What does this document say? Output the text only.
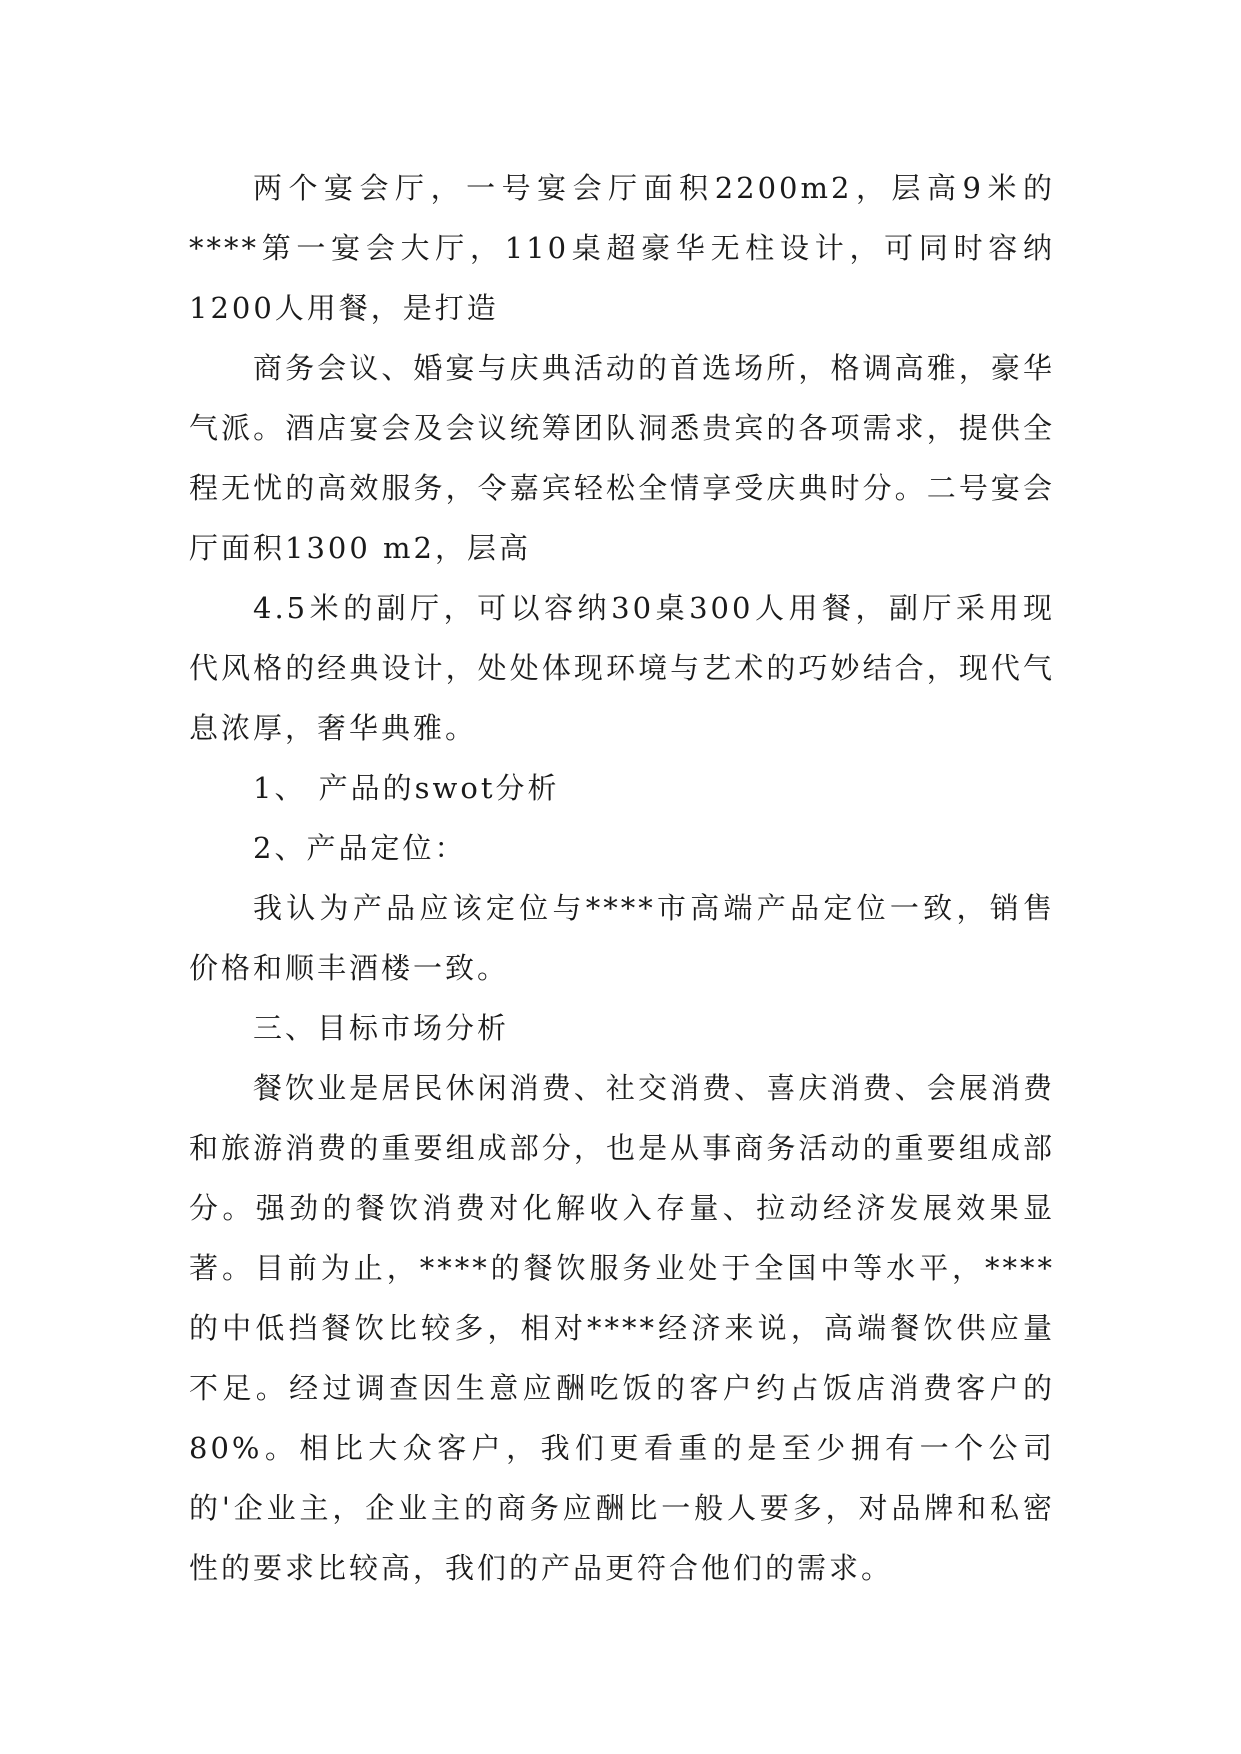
两个宴会厅，一号宴会厅面积2200m2，层高9米的****第一宴会大厅，110桌超豪华无柱设计，可同时容纳1200人用餐，是打造

商务会议、婚宴与庆典活动的首选场所，格调高雅，豪华气派。酒店宴会及会议统筹团队洞悉贵宾的各项需求，提供全程无忧的高效服务，令嘉宾轻松全情享受庆典时分。二号宴会厅面积1300 m2，层高

4.5米的副厅，可以容纳30桌300人用餐，副厅采用现代风格的经典设计，处处体现环境与艺术的巧妙结合，现代气息浓厚，奢华典雅。

1、 产品的swot分析

2、产品定位：

我认为产品应该定位与****市高端产品定位一致，销售价格和顺丰酒楼一致。

三、目标市场分析

餐饮业是居民休闲消费、社交消费、喜庆消费、会展消费和旅游消费的重要组成部分，也是从事商务活动的重要组成部分。强劲的餐饮消费对化解收入存量、拉动经济发展效果显著。目前为止，****的餐饮服务业处于全国中等水平，****的中低挡餐饮比较多，相对****经济来说，高端餐饮供应量不足。经过调查因生意应酬吃饭的客户约占饭店消费客户的80%。相比大众客户，我们更看重的是至少拥有一个公司的'企业主，企业主的商务应酬比一般人要多，对品牌和私密性的要求比较高，我们的产品更符合他们的需求。
